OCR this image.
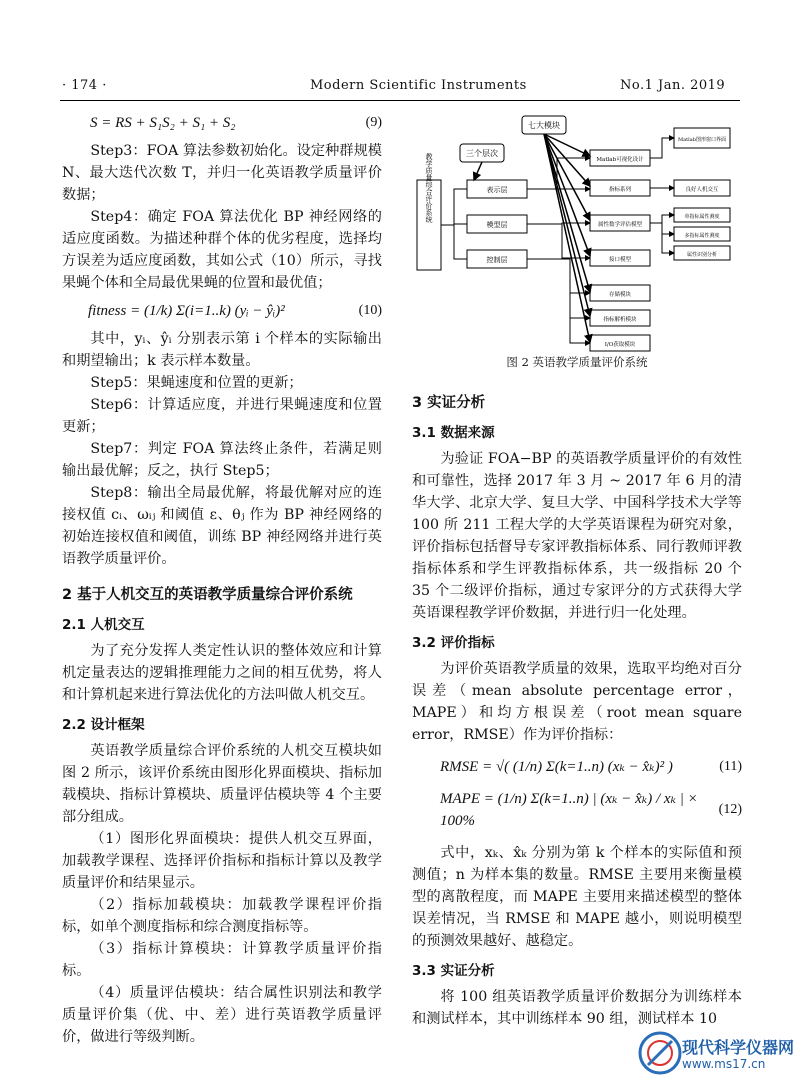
· 174 ·	Modern Scientific Instruments	No.1 Jan. 2019
S = RS + S₁S₂ + S₁ + S₂	(9)

Step3：FOA 算法参数初始化。设定种群规模 N、最大迭代次数 T，并归一化英语教学质量评价数据；

Step4：确定 FOA 算法优化 BP 神经网络的适应度函数。为描述种群个体的优劣程度，选择均方误差为适应度函数，其如公式（10）所示，寻找果蝇个体和全局最优果蝇的位置和最优值；

fitness = (1/k) Σ(i=1..k) (yᵢ − ŷᵢ)²	(10)

其中，yᵢ、ŷᵢ 分别表示第 i 个样本的实际输出和期望输出；k 表示样本数量。

Step5：果蝇速度和位置的更新；

Step6：计算适应度，并进行果蝇速度和位置更新；

Step7：判定 FOA 算法终止条件，若满足则输出最优解；反之，执行 Step5；

Step8：输出全局最优解，将最优解对应的连接权值 cᵢ、ωᵢⱼ 和阈值 ε、θⱼ 作为 BP 神经网络的初始连接权值和阈值，训练 BP 神经网络并进行英语教学质量评价。

2 基于人机交互的英语教学质量综合评价系统
2.1 人机交互

为了充分发挥人类定性认识的整体效应和计算机定量表达的逻辑推理能力之间的相互优势，将人和计算机起来进行算法优化的方法叫做人机交互。

2.2 设计框架

英语教学质量综合评价系统的人机交互模块如图 2 所示，该评价系统由图形化界面模块、指标加载模块、指标计算模块、质量评估模块等 4 个主要部分组成。

（1）图形化界面模块：提供人机交互界面，加载教学课程、选择评价指标和指标计算以及教学质量评价和结果显示。

（2）指标加载模块：加载教学课程评价指标，如单个测度指标和综合测度指标等。

（3）指标计算模块：计算教学质量评价指标。

（4）质量评估模块：结合属性识别法和教学质量评价集（优、中、差）进行英语教学质量评价，做进行等级判断。

教学质量综合评价系统	三个层次
七大模块
表示层
模型层
控制层
Matlab可视化设计
指标系列
属性数学评估模型
接口模型
存储模块
指标解析模块
I/O获取模块
Matlab图形窗口界面
良好人机交互
单指标属性测度
多指标属性测度
属性识别分析
图 2 英语教学质量评价系统
3 实证分析
3.1 数据来源

为验证 FOA−BP 的英语教学质量评价的有效性和可靠性，选择 2017 年 3 月 ~ 2017 年 6 月的清华大学、北京大学、复旦大学、中国科学技术大学等 100 所 211 工程大学的大学英语课程为研究对象，评价指标包括督导专家评教指标体系、同行教师评教指标体系和学生评教指标体系，共一级指标 20 个 35 个二级评价指标，通过专家评分的方式获得大学英语课程教学评价数据，并进行归一化处理。

3.2 评价指标

为评价英语教学质量的效果，选取平均绝对百分误差（mean absolute percentage error，MAPE）和均方根误差（root mean square error，RMSE）作为评价指标：

RMSE = √( (1/n) Σ(k=1..n) (xₖ − x̂ₖ)² )	(11)
MAPE = (1/n) Σ(k=1..n) | (xₖ − x̂ₖ) / xₖ | × 100%
(12)

式中，xₖ、x̂ₖ 分别为第 k 个样本的实际值和预测值；n 为样本集的数量。RMSE 主要用来衡量模型的离散程度，而 MAPE 主要用来描述模型的整体误差情况，当 RMSE 和 MAPE 越小，则说明模型的预测效果越好、越稳定。

3.3 实证分析

将 100 组英语教学质量评价数据分为训练样本和测试样本，其中训练样本 90 组，测试样本 10

现代科学仪器网
www.ms17.cn
